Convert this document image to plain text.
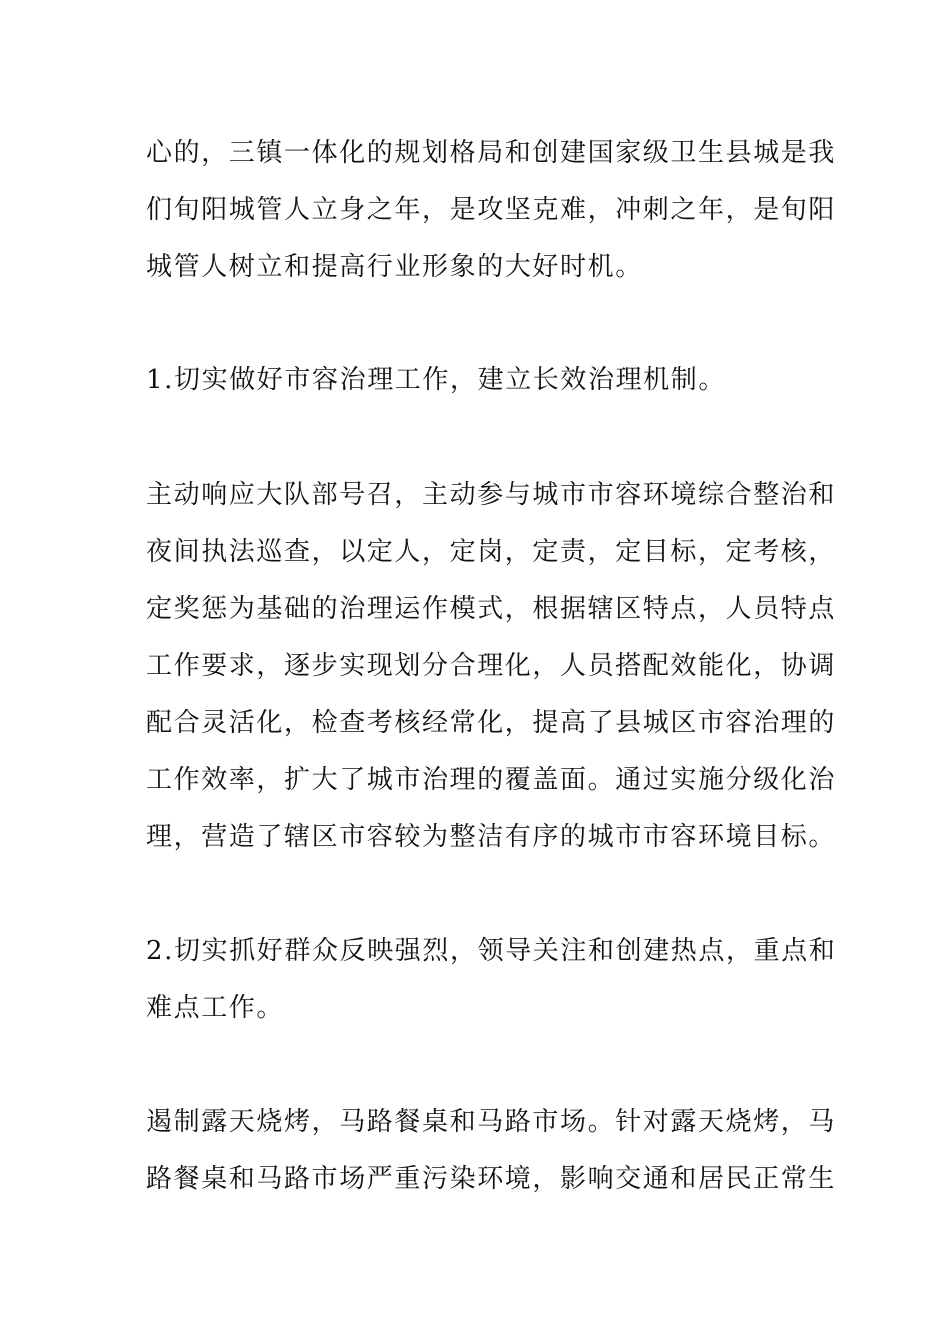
心的，三镇一体化的规划格局和创建国家级卫生县城是我
们旬阳城管人立身之年，是攻坚克难，冲刺之年，是旬阳
城管人树立和提高行业形象的大好时机。
1.切实做好市容治理工作，建立长效治理机制。
主动响应大队部号召，主动参与城市市容环境综合整治和
夜间执法巡查，以定人，定岗，定责，定目标，定考核，
定奖惩为基础的治理运作模式，根据辖区特点，人员特点
工作要求，逐步实现划分合理化，人员搭配效能化，协调
配合灵活化，检查考核经常化，提高了县城区市容治理的
工作效率，扩大了城市治理的覆盖面。通过实施分级化治
理，营造了辖区市容较为整洁有序的城市市容环境目标。
2.切实抓好群众反映强烈，领导关注和创建热点，重点和
难点工作。
遏制露天烧烤，马路餐桌和马路市场。针对露天烧烤，马
路餐桌和马路市场严重污染环境，影响交通和居民正常生
